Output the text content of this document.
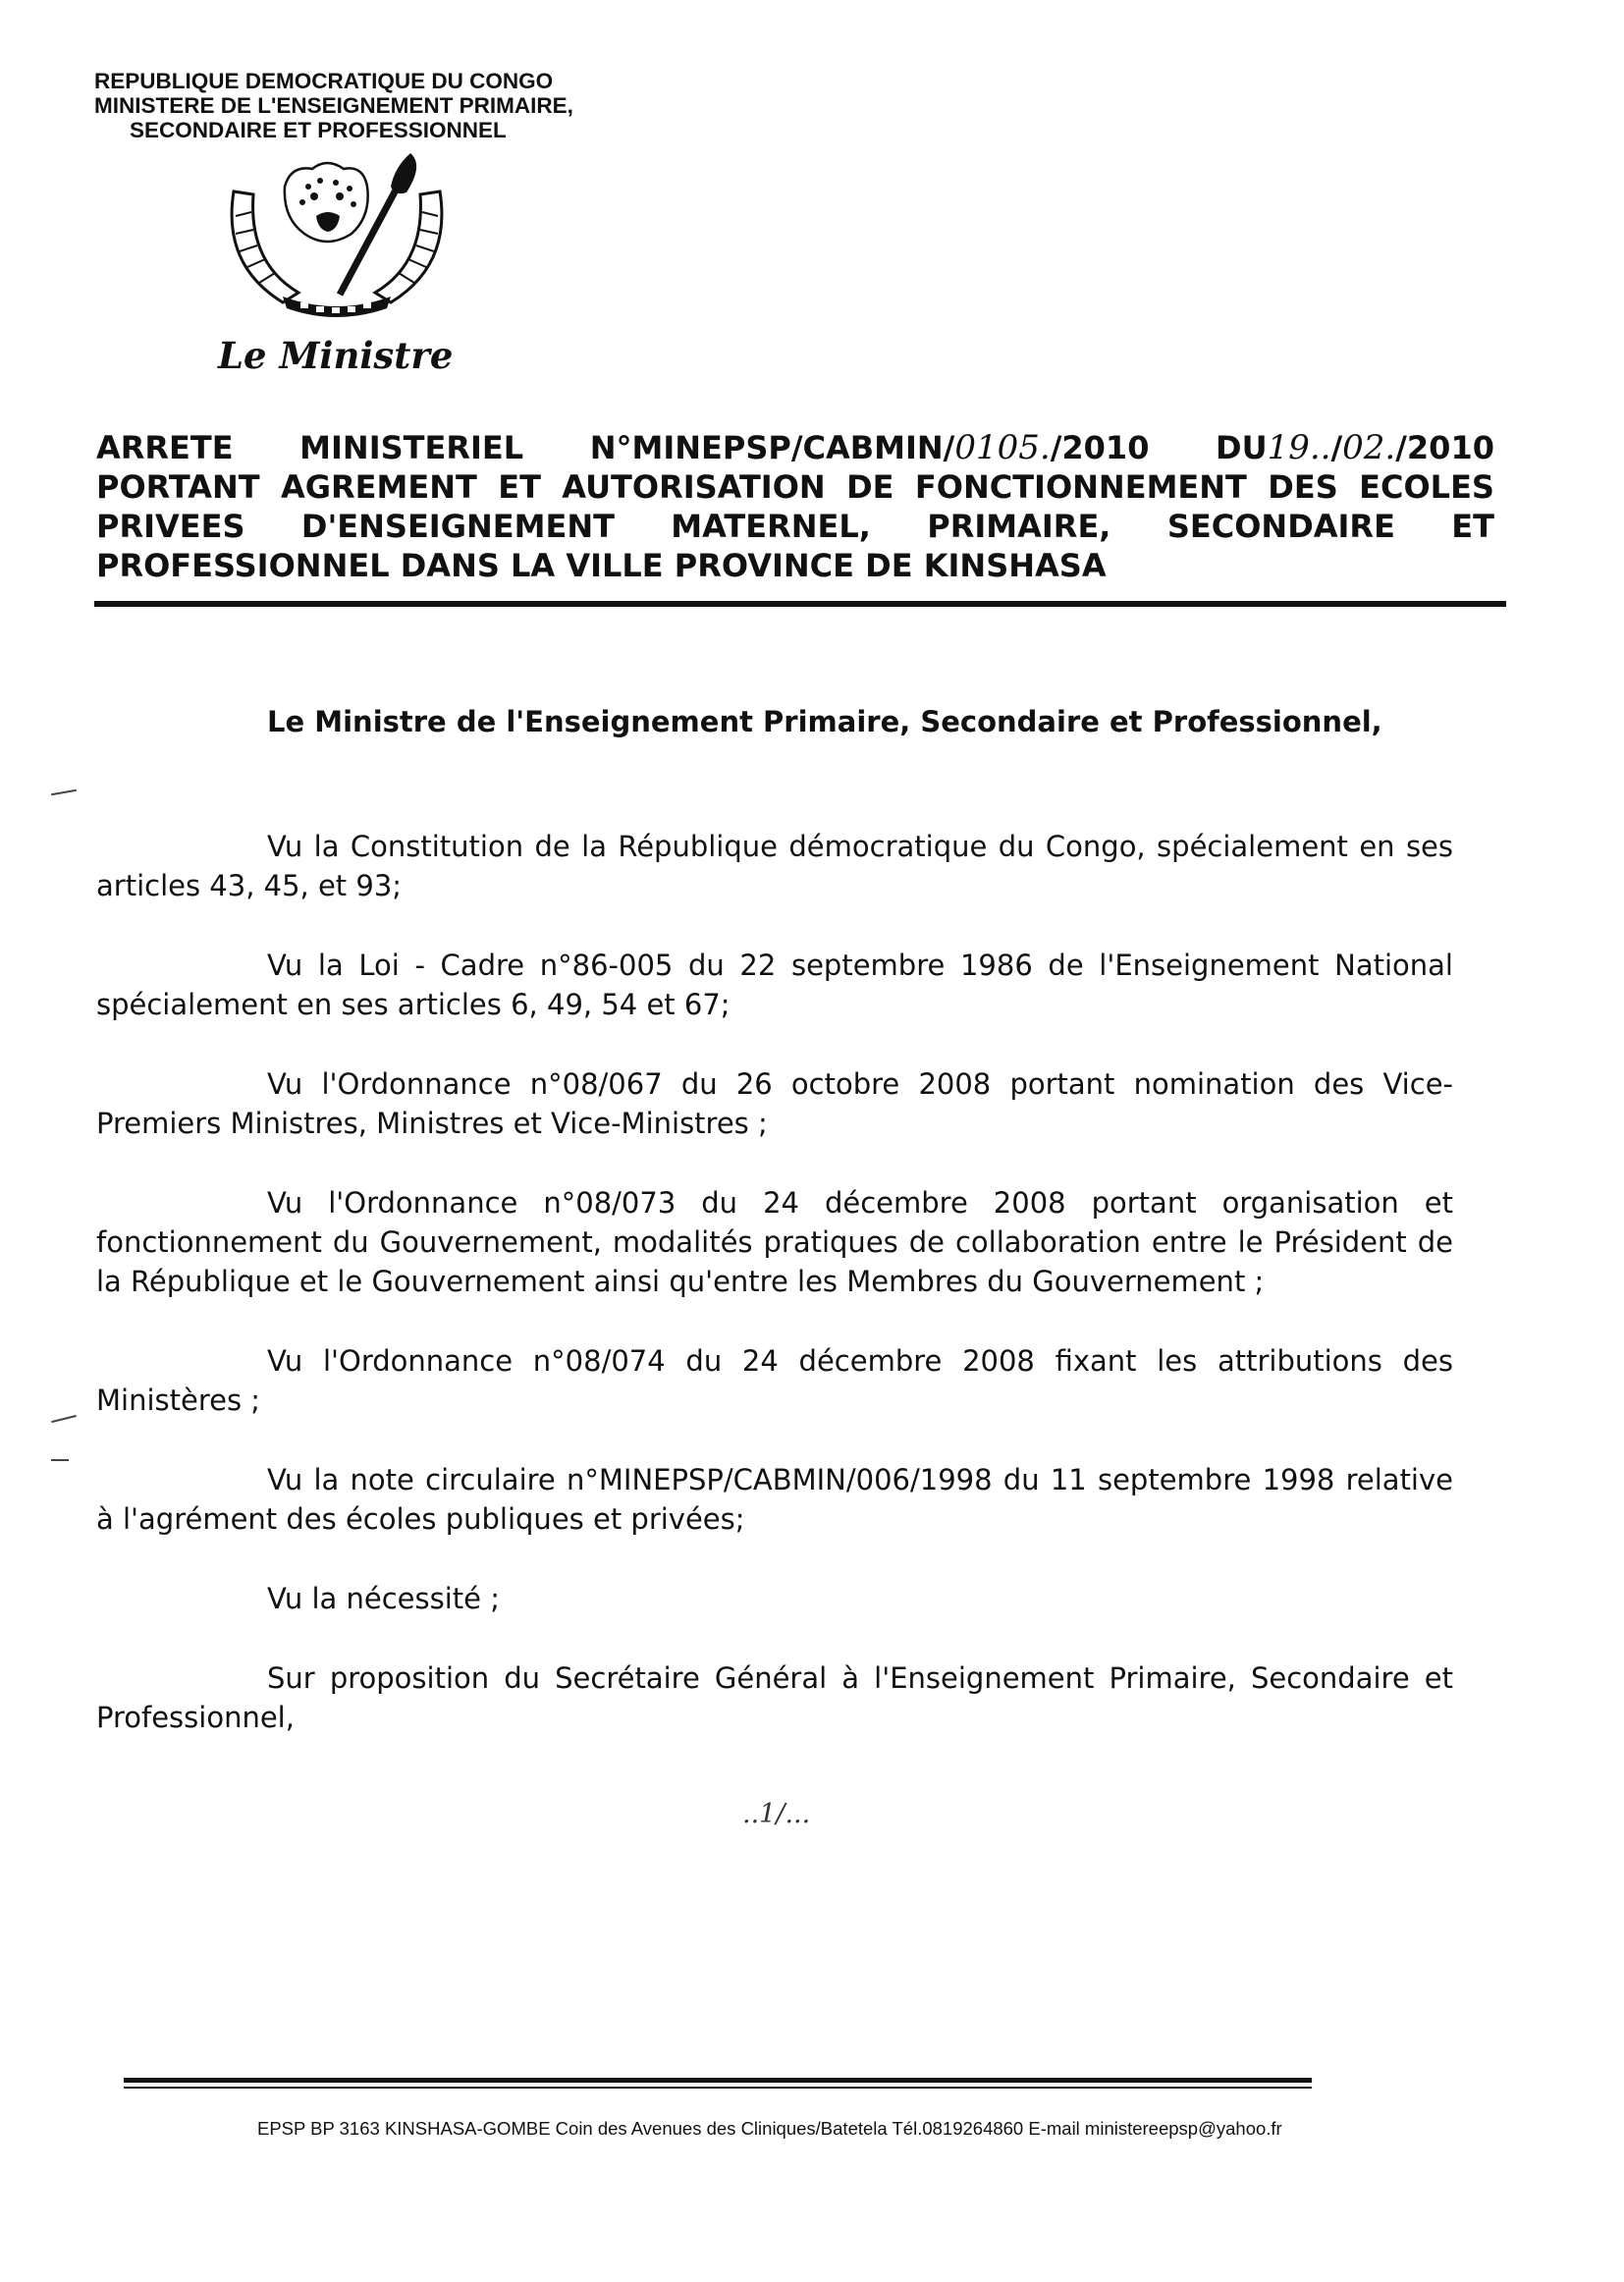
REPUBLIQUE DEMOCRATIQUE DU CONGO
MINISTERE DE L'ENSEIGNEMENT PRIMAIRE,
SECONDAIRE ET PROFESSIONNEL
Le Ministre
ARRETE MINISTERIEL N°MINEPSP/CABMIN/0105./2010 DU19../02./2010
PORTANT AGREMENT ET AUTORISATION DE FONCTIONNEMENT DES ECOLES
PRIVEES D'ENSEIGNEMENT MATERNEL, PRIMAIRE, SECONDAIRE ET
PROFESSIONNEL DANS LA VILLE PROVINCE DE KINSHASA
Le Ministre de l'Enseignement Primaire, Secondaire et Professionnel,
Vu la Constitution de la République démocratique du Congo, spécialement en ses articles 43, 45, et 93;
Vu la Loi - Cadre n°86-005 du 22 septembre 1986 de l'Enseignement National spécialement en ses articles 6, 49, 54 et 67;
Vu l'Ordonnance n°08/067 du 26 octobre 2008 portant nomination des Vice-Premiers Ministres, Ministres et Vice-Ministres ;
Vu l'Ordonnance n°08/073 du 24 décembre 2008 portant organisation et fonctionnement du Gouvernement, modalités pratiques de collaboration entre le Président de la République et le Gouvernement ainsi qu'entre les Membres du Gouvernement ;
Vu l'Ordonnance n°08/074 du 24 décembre 2008 fixant les attributions des Ministères ;
Vu la note circulaire n°MINEPSP/CABMIN/006/1998 du 11 septembre 1998 relative à l'agrément des écoles publiques et privées;
Vu la nécessité ;
Sur proposition du Secrétaire Général à l'Enseignement Primaire, Secondaire et Professionnel,
..1/...
EPSP BP 3163 KINSHASA-GOMBE Coin des Avenues des Cliniques/Batetela Tél.0819264860 E-mail ministereepsp@yahoo.fr
